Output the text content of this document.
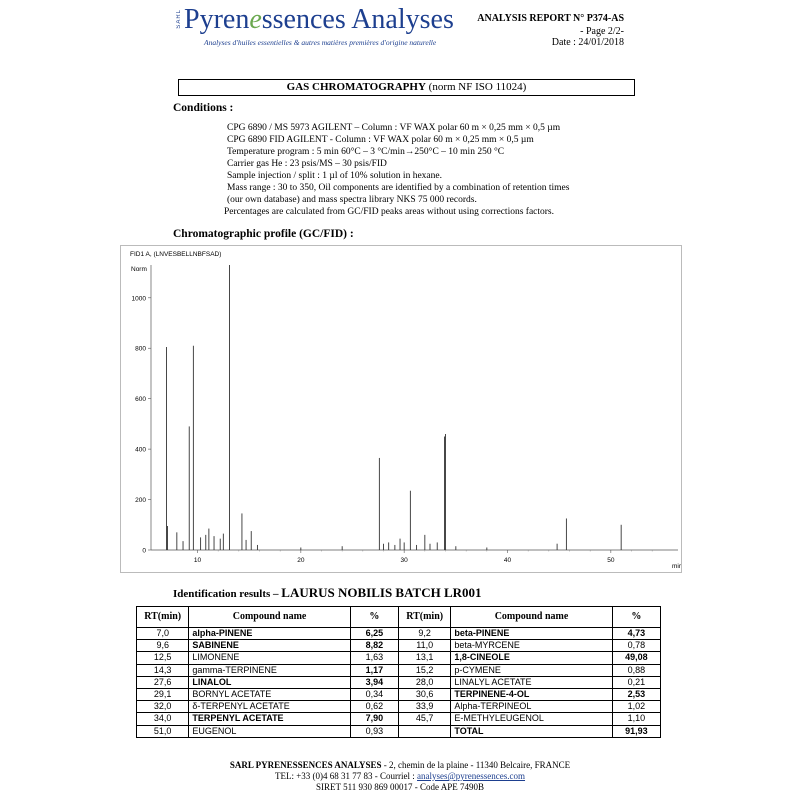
SARL Pyrenessences Analyses
Analyses d'huiles essentielles & autres matières premières d'origine naturelle
ANALYSIS REPORT N° P374-AS
- Page 2/2-
Date : 24/01/2018
GAS CHROMATOGRAPHY (norm NF ISO 11024)
Conditions :
CPG 6890 / MS 5973 AGILENT – Column : VF WAX polar 60 m × 0,25 mm × 0,5 µm
CPG 6890 FID AGILENT - Column : VF WAX polar 60 m × 0,25 mm × 0,5 µm
Temperature program : 5 min 60°C – 3 °C/min→250°C – 10 min 250 °C
Carrier gas He : 23 psis/MS – 30 psis/FID
Sample injection / split : 1 µl of 10% solution in hexane.
Mass range : 30 to 350, Oil components are identified by a combination of retention times
(our own database) and mass spectra library NKS 75 000 records.
Percentages are calculated from GC/FID peaks areas without using corrections factors.
Chromatographic profile (GC/FID) :
FID1 A, (LNVESBELLNBFSAD)
Norm
mir
10	20	30	40	50
0
200
400
600
800
1000
Identification results – LAURUS NOBILIS BATCH LR001
RT(min)	Compound name	%	RT(min)	Compound name	%
7,0	alpha-PINENE	6,25	9,2	beta-PINENE	4,73
9,6	SABINENE	8,82	11,0	beta-MYRCENE	0,78
12,5	LIMONENE	1,63	13,1	1,8-CINEOLE	49,08
14,3	gamma-TERPINENE	1,17	15,2	p-CYMENE	0,88
27,6	LINALOL	3,94	28,0	LINALYL ACETATE	0,21
29,1	BORNYL ACETATE	0,34	30,6	TERPINENE-4-OL	2,53
32,0	δ-TERPENYL ACETATE	0,62	33,9	Alpha-TERPINEOL	1,02
34,0	TERPENYL ACETATE	7,90	45,7	E-METHYLEUGENOL	1,10
51,0	EUGENOL	0,93		TOTAL	91,93
SARL PYRENESSENCES ANALYSES - 2, chemin de la plaine - 11340 Belcaire, FRANCE
TEL: +33 (0)4 68 31 77 83 - Courriel : analyses@pyrenessences.com
SIRET 511 930 869 00017 - Code APE 7490B
